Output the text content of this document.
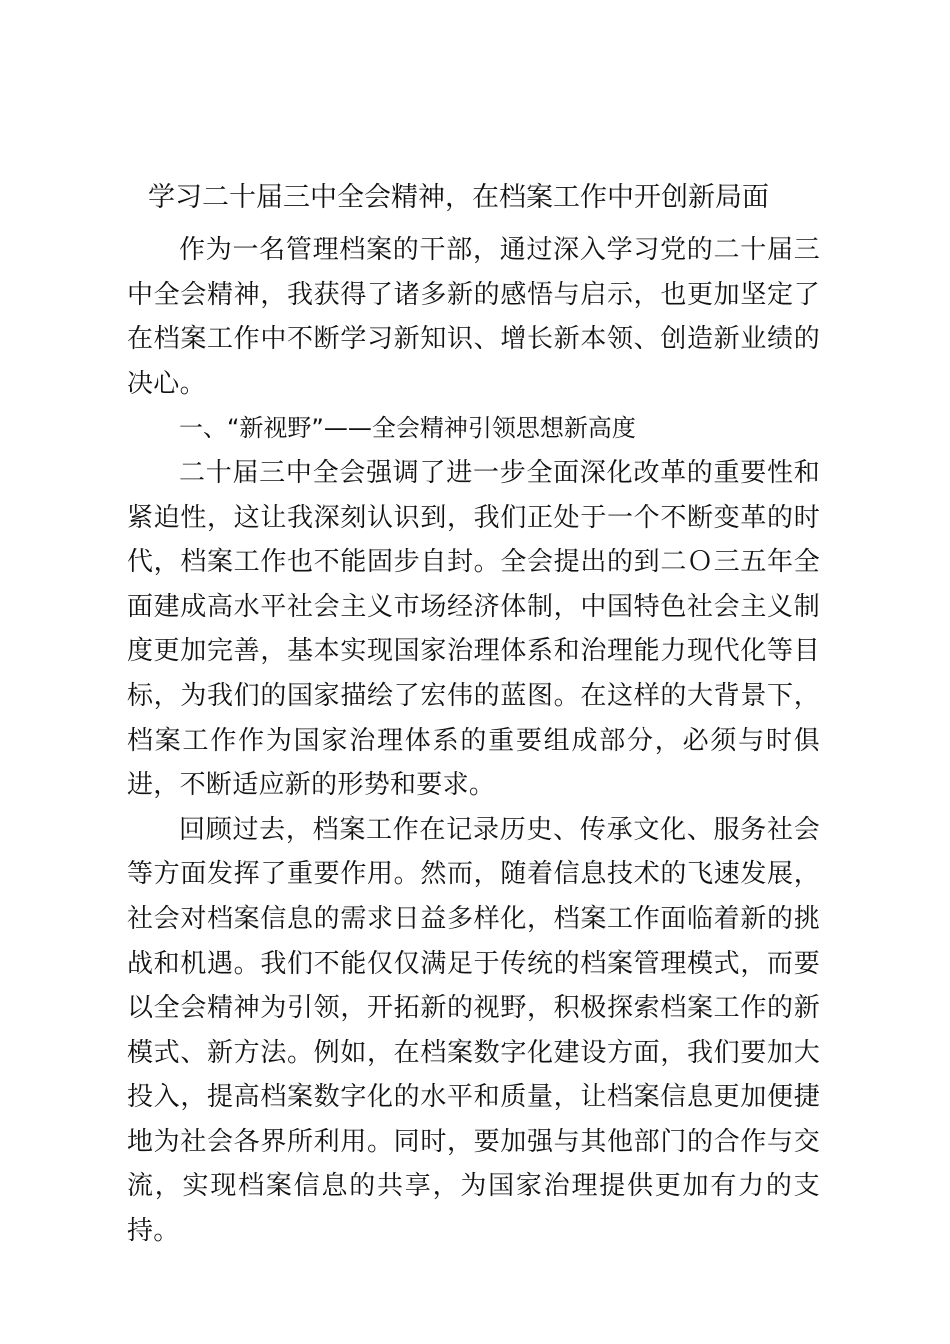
学习二十届三中全会精神，在档案工作中开创新局面

作为一名管理档案的干部，通过深入学习党的二十届三中全会精神，我获得了诸多新的感悟与启示，也更加坚定了在档案工作中不断学习新知识、增长新本领、创造新业绩的决心。

一、“新视野”——全会精神引领思想新高度

二十届三中全会强调了进一步全面深化改革的重要性和紧迫性，这让我深刻认识到，我们正处于一个不断变革的时代，档案工作也不能固步自封。全会提出的到二Ｏ三五年全面建成高水平社会主义市场经济体制，中国特色社会主义制度更加完善，基本实现国家治理体系和治理能力现代化等目标，为我们的国家描绘了宏伟的蓝图。在这样的大背景下，档案工作作为国家治理体系的重要组成部分，必须与时俱进，不断适应新的形势和要求。

回顾过去，档案工作在记录历史、传承文化、服务社会等方面发挥了重要作用。然而，随着信息技术的飞速发展，社会对档案信息的需求日益多样化，档案工作面临着新的挑战和机遇。我们不能仅仅满足于传统的档案管理模式，而要以全会精神为引领，开拓新的视野，积极探索档案工作的新模式、新方法。例如，在档案数字化建设方面，我们要加大投入，提高档案数字化的水平和质量，让档案信息更加便捷地为社会各界所利用。同时，要加强与其他部门的合作与交流，实现档案信息的共享，为国家治理提供更加有力的支持。
